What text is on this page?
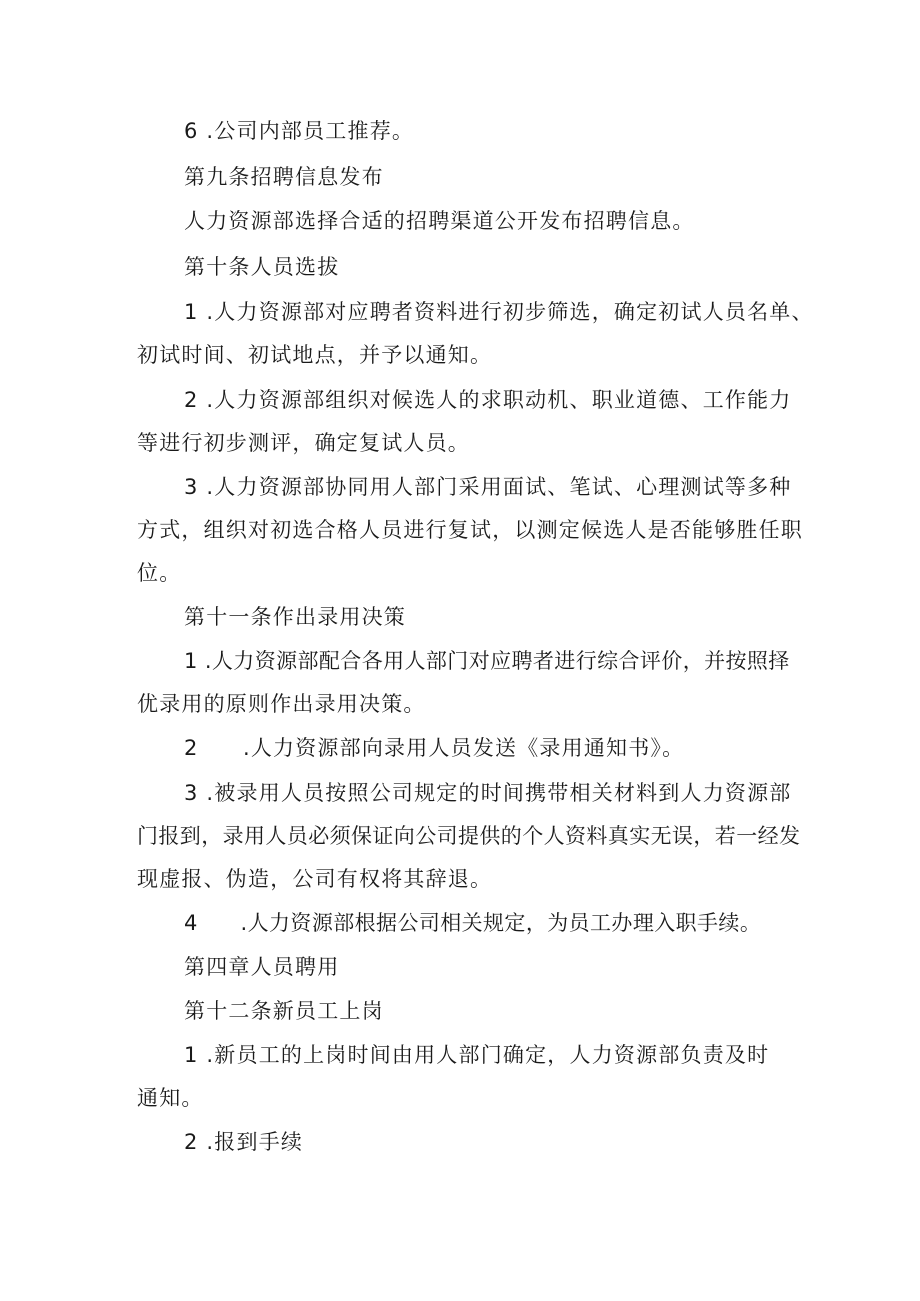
6 .公司内部员工推荐。

第九条招聘信息发布

人力资源部选择合适的招聘渠道公开发布招聘信息。

第十条人员选拔

1 .人力资源部对应聘者资料进行初步筛选，确定初试人员名单、

初试时间、初试地点，并予以通知。

2 .人力资源部组织对候选人的求职动机、职业道德、工作能力

等进行初步测评，确定复试人员。

3 .人力资源部协同用人部门采用面试、笔试、心理测试等多种

方式，组织对初选合格人员进行复试，以测定候选人是否能够胜任职

位。

第十一条作出录用决策

1 .人力资源部配合各用人部门对应聘者进行综合评价，并按照择

优录用的原则作出录用决策。

2　　.人力资源部向录用人员发送《录用通知书》。

3 .被录用人员按照公司规定的时间携带相关材料到人力资源部

门报到，录用人员必须保证向公司提供的个人资料真实无误，若一经发

现虚报、伪造，公司有权将其辞退。

4　　.人力资源部根据公司相关规定，为员工办理入职手续。

第四章人员聘用

第十二条新员工上岗

1 .新员工的上岗时间由用人部门确定，人力资源部负责及时

通知。

2 .报到手续
